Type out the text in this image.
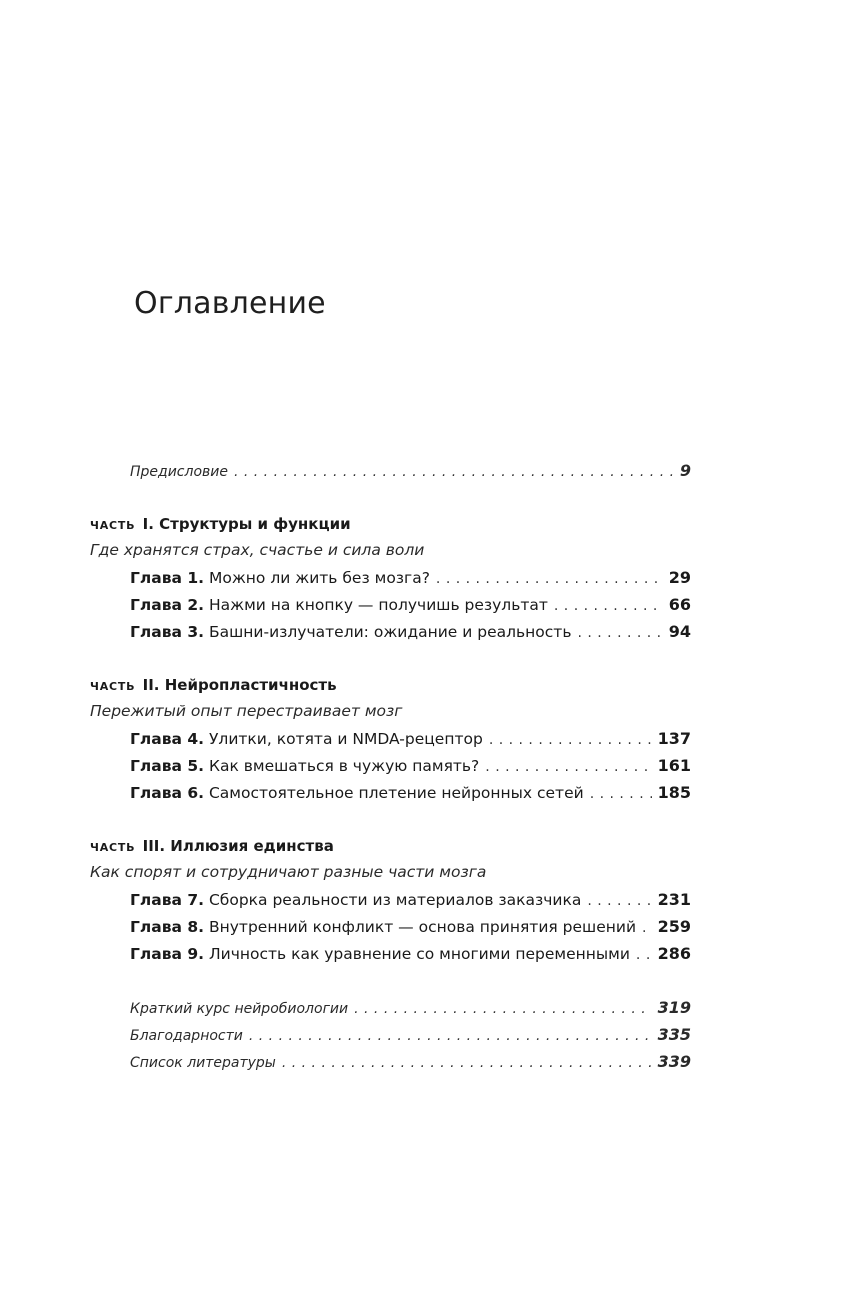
Оглавление
Предисловие . . .	9
часть I. Структуры и функции
Где хранятся страх, счастье и сила воли
Глава 1. Можно ли жить без мозга? . . .	29
Глава 2. Нажми на кнопку — получишь результат . . .	66
Глава 3. Башни-излучатели: ожидание и реальность . . .	94
часть II. Нейропластичность
Пережитый опыт перестраивает мозг
Глава 4. Улитки, котята и NMDA-рецептор . . .	137
Глава 5. Как вмешаться в чужую память? . . .	161
Глава 6. Самостоятельное плетение нейронных сетей . . .	185
часть III. Иллюзия единства
Как спорят и сотрудничают разные части мозга
Глава 7. Сборка реальности из материалов заказчика . . .	231
Глава 8. Внутренний конфликт — основа принятия решений . . .	259
Глава 9. Личность как уравнение со многими переменными . . .	286
Краткий курс нейробиологии . . .	319
Благодарности . . .	335
Список литературы . . .	339
